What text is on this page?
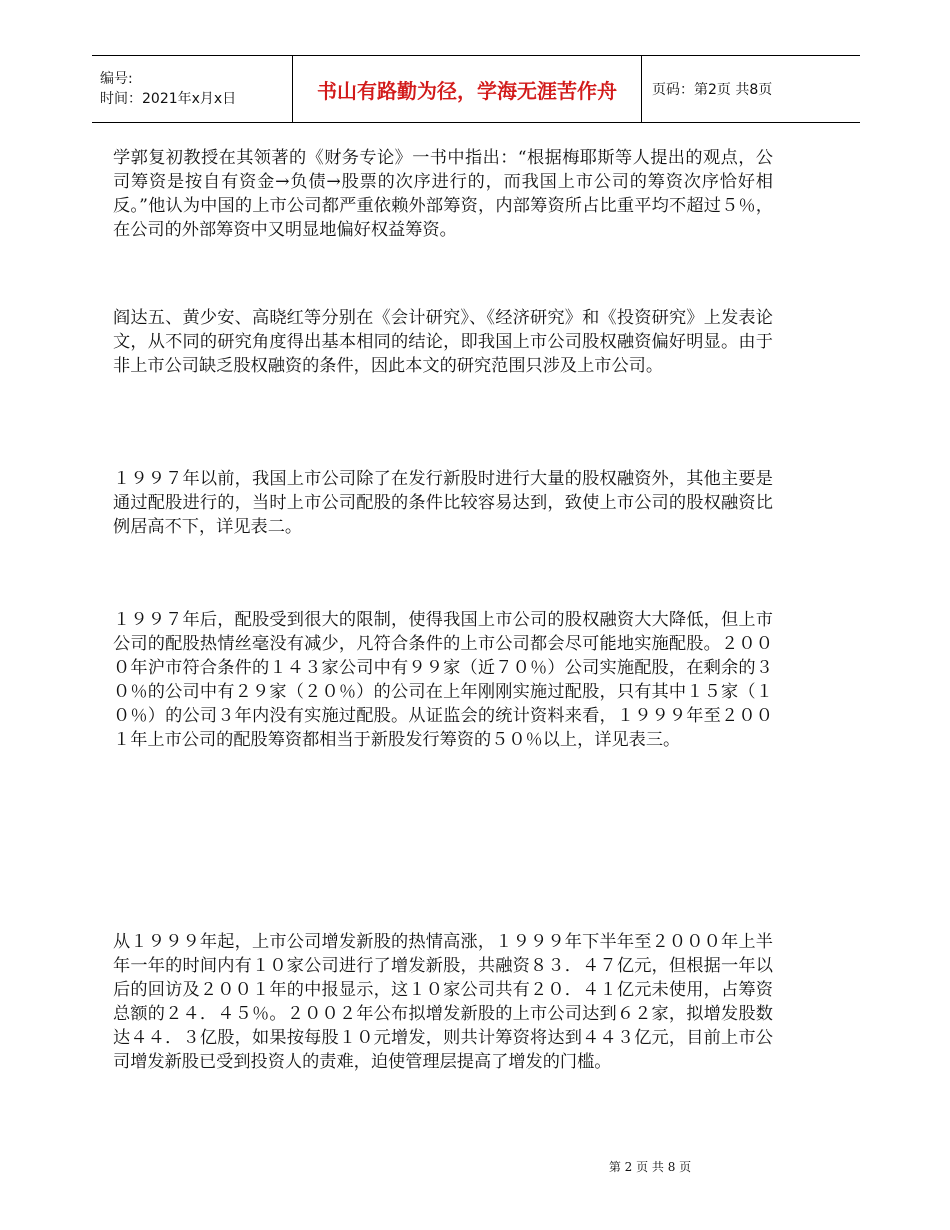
编号:
时间：2021年x月x日	书山有路勤为径，学海无涯苦作舟	页码：第2页 共8页

学郭复初教授在其领著的《财务专论》一书中指出：“根据梅耶斯等人提出的观点，公司筹资是按自有资金→负债→股票的次序进行的，而我国上市公司的筹资次序恰好相反。”他认为中国的上市公司都严重依赖外部筹资，内部筹资所占比重平均不超过５％，在公司的外部筹资中又明显地偏好权益筹资。

阎达五、黄少安、高晓红等分别在《会计研究》、《经济研究》和《投资研究》上发表论文，从不同的研究角度得出基本相同的结论，即我国上市公司股权融资偏好明显。由于非上市公司缺乏股权融资的条件，因此本文的研究范围只涉及上市公司。

１９９７年以前，我国上市公司除了在发行新股时进行大量的股权融资外，其他主要是通过配股进行的，当时上市公司配股的条件比较容易达到，致使上市公司的股权融资比例居高不下，详见表二。

１９９７年后，配股受到很大的限制，使得我国上市公司的股权融资大大降低，但上市公司的配股热情丝毫没有减少，凡符合条件的上市公司都会尽可能地实施配股。２０００年沪市符合条件的１４３家公司中有９９家（近７０％）公司实施配股，在剩余的３０％的公司中有２９家（２０％）的公司在上年刚刚实施过配股，只有其中１５家（１０％）的公司３年内没有实施过配股。从证监会的统计资料来看，１９９９年至２００１年上市公司的配股筹资都相当于新股发行筹资的５０％以上，详见表三。

从１９９９年起，上市公司增发新股的热情高涨，１９９９年下半年至２０００年上半年一年的时间内有１０家公司进行了增发新股，共融资８３．４７亿元，但根据一年以后的回访及２００１年的中报显示，这１０家公司共有２０．４１亿元未使用，占筹资总额的２４．４５％。２００２年公布拟增发新股的上市公司达到６２家，拟增发股数达４４．３亿股，如果按每股１０元增发，则共计筹资将达到４４３亿元，目前上市公司增发新股已受到投资人的责难，迫使管理层提高了增发的门槛。

第 2 页 共 8 页
